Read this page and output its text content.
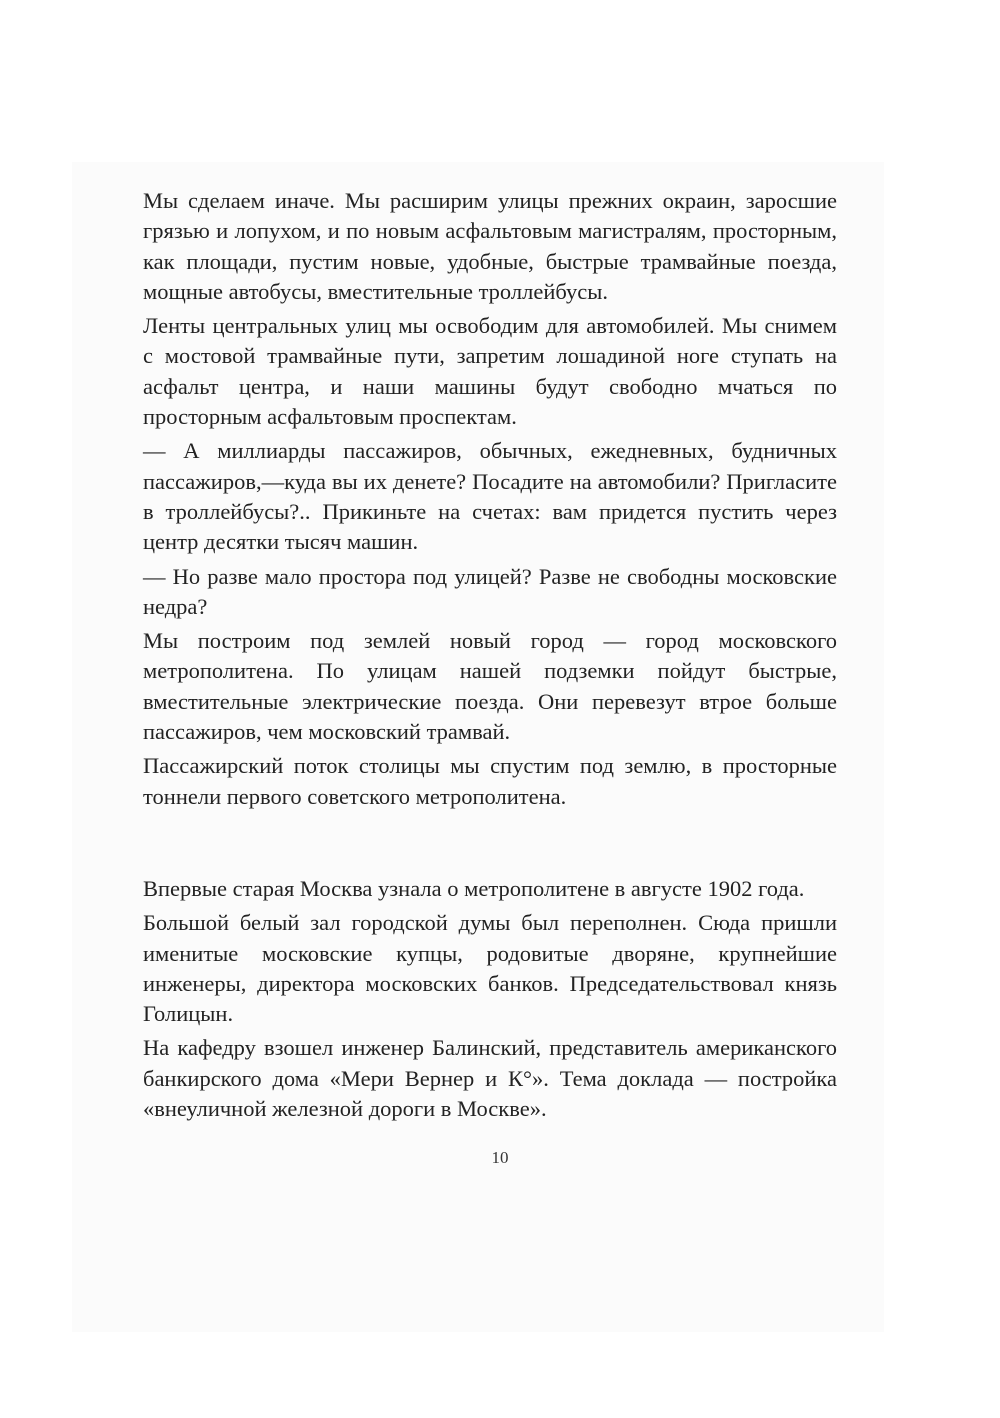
Мы сделаем иначе. Мы расширим улицы прежних окраин, заросшие грязью и лопухом, и по новым асфальтовым магистралям, просторным, как площади, пустим новые, удобные, быстрые трамвайные поезда, мощные автобусы, вместительные троллейбусы.

Ленты центральных улиц мы освободим для автомобилей. Мы снимем с мостовой трамвайные пути, запретим лошадиной ноге ступать на асфальт центра, и наши машины будут свободно мчаться по просторным асфальтовым проспектам.

— А миллиарды пассажиров, обычных, ежедневных, будничных пассажиров,—куда вы их денете? Посадите на автомобили? Пригласите в троллейбусы?.. Прикиньте на счетах: вам придется пустить через центр десятки тысяч машин.

— Но разве мало простора под улицей? Разве не свободны московские недра?

Мы построим под землей новый город — город московского метрополитена. По улицам нашей подземки пойдут быстрые, вместительные электрические поезда. Они перевезут втрое больше пассажиров, чем московский трамвай.

Пассажирский поток столицы мы спустим под землю, в просторные тоннели первого советского метрополитена.

Впервые старая Москва узнала о метрополитене в августе 1902 года.

Большой белый зал городской думы был переполнен. Сюда пришли именитые московские купцы, родовитые дворяне, крупнейшие инженеры, директора московских банков. Председательствовал князь Голицын.

На кафедру взошел инженер Балинский, представитель американского банкирского дома «Мери Вернер и К°». Тема доклада — постройка «внеуличной железной дороги в Москве».

10
